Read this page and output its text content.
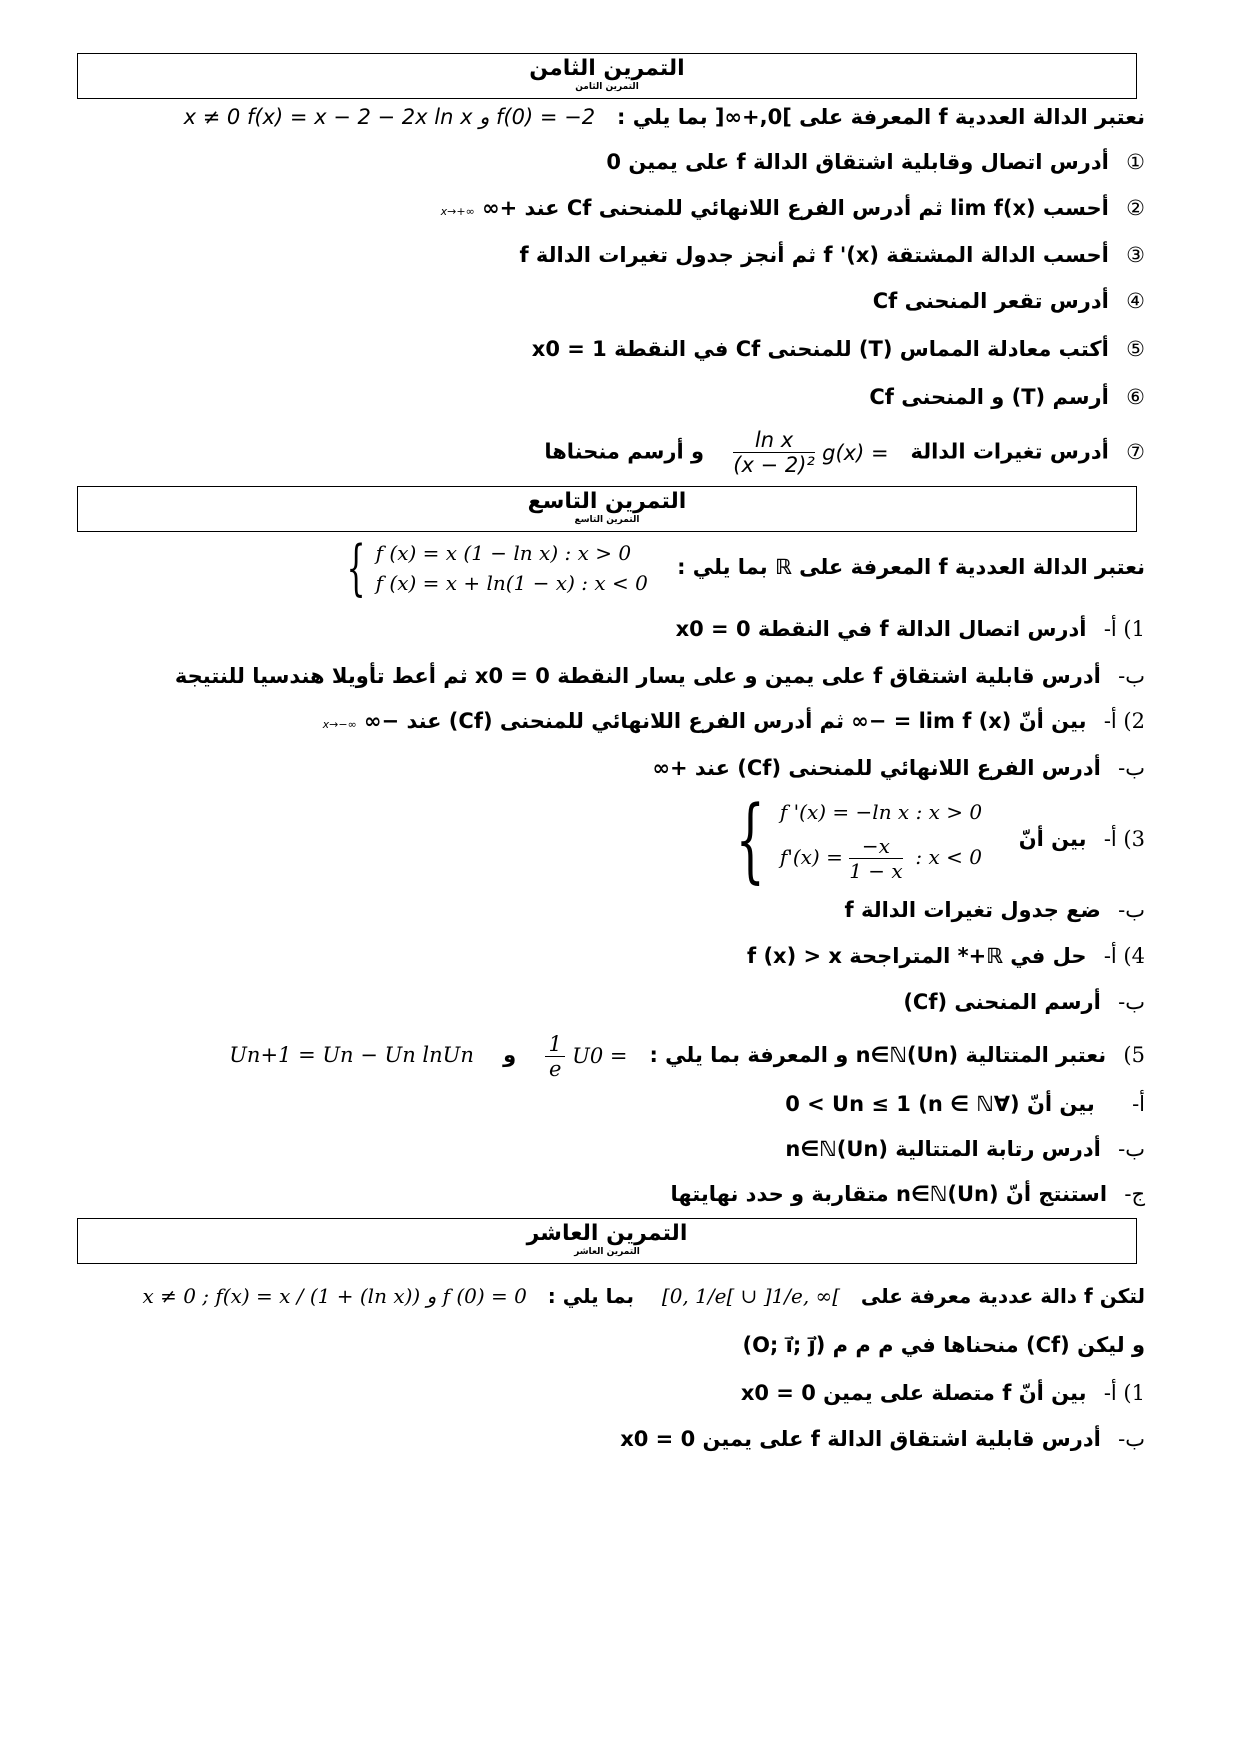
التمرين الثامن
التمرين الثامن
نعتبر الدالة العددية f المعرفة على ]0,+∞[ بما يلي :   x ≠ 0 f(x) = x − 2 − 2x ln x و f(0) = −2
① أدرس اتصال وقابلية اشتقاق الدالة f على يمين 0
② أحسب lim f(x) ثم أدرس الفرع اللانهائي للمنحنى Cf عند +∞ x→+∞
③ أحسب الدالة المشتقة f '(x) ثم أنجز جدول تغيرات الدالة f
④ أدرس تقعر المنحنى Cf
⑤ أكتب معادلة المماس (T) للمنحنى Cf في النقطة x0 = 1
⑥ أرسم (T) و المنحنى Cf
⑦ أدرس تغيرات الدالة   g(x) =
$\frac{\text{ln x}}{\text{(x − 2)²}}$
و أرسم منحناها
التمرين التاسع
التمرين التاسع
نعتبر الدالة العددية f المعرفة على ℝ بما يلي :
{ f (x) = x (1 − ln x) : x > 0
f (x) = x + ln(1 − x) : x < 0
1) أ- أدرس اتصال الدالة f في النقطة x0 = 0
ب- أدرس قابلية اشتقاق f على يمين و على يسار النقطة x0 = 0 ثم أعط تأويلا هندسيا للنتيجة
2) أ- بين أنّ lim f (x) = −∞ ثم أدرس الفرع اللانهائي للمنحنى (Cf) عند −∞ x→−∞
ب- أدرس الفرع اللانهائي للمنحنى (Cf) عند +∞
3) أ- بين أنّ
{ f '(x) = −ln x : x > 0
$f'(x) = \frac{-x}{1 - x}$ : x < 0
ب- ضع جدول تغيرات الدالة f
4) أ- حل في ℝ+* المتراجحة f (x) > x
ب- أرسم المنحنى (Cf)
5) نعتبر المتتالية (Un)n∈ℕ و المعرفة بما يلي :   U0 =
$\frac{1}{e}$
و    Un+1 = Un − Un lnUn
أ- بين أنّ (∀n ∈ ℕ) 0 < Un ≤ 1
ب- أدرس رتابة المتتالية (Un)n∈ℕ
ج- استنتج أنّ (Un)n∈ℕ متقاربة و حدد نهايتها
التمرين العاشر
التمرين العاشر
لتكن f دالة عددية معرفة على   [0, 1/e[ ∪ ]1/e, ∞[    بما يلي :   x ≠ 0 ; f(x) = x / (1 + (ln x)) و f (0) = 0
و ليكن (Cf) منحناها في م م م (O; i⃗; j⃗)
1) أ- بين أنّ f متصلة على يمين x0 = 0
ب- أدرس قابلية اشتقاق الدالة f على يمين x0 = 0
